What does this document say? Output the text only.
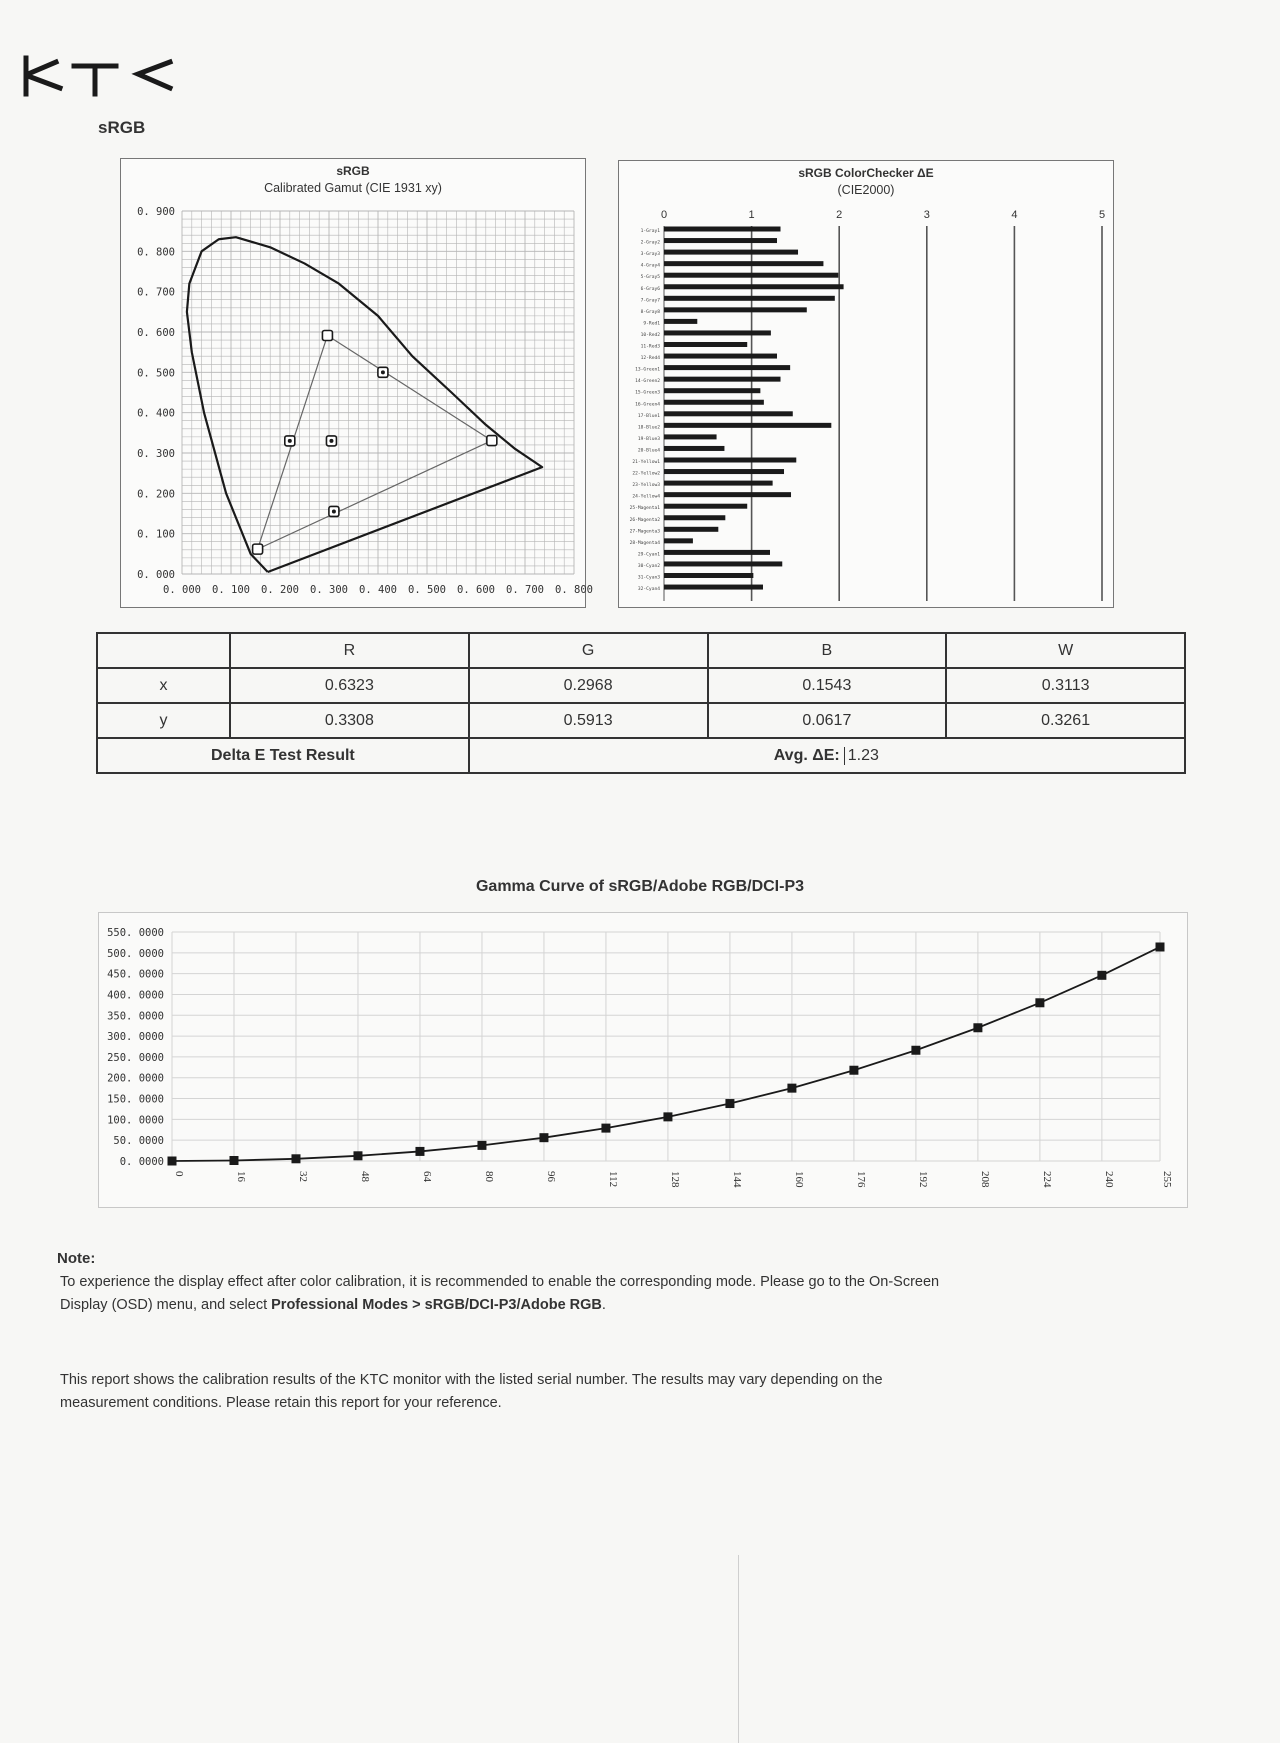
sRGB
sRGB
Calibrated Gamut (CIE 1931 xy)
0. 900
0. 800
0. 700
0. 600
0. 500
0. 400
0. 300
0. 200
0. 100
0. 000
0. 000 0. 100 0. 200 0. 300 0. 400 0. 500 0. 600 0. 700 0. 800
sRGB ColorChecker ΔE
(CIE2000)
0	1	2	3	4	5
1-Gray1
2-Gray2
3-Gray3
4-Gray4
5-Gray5
6-Gray6
7-Gray7
8-Gray8
9-Red1
10-Red2
11-Red3
12-Red4
13-Green1
14-Green2
15-Green3
16-Green4
17-Blue1
18-Blue2
19-Blue3
20-Blue4
21-Yellow1
22-Yellow2
23-Yellow3
24-Yellow4
25-Magenta1
26-Magenta2
27-Magenta3
28-Magenta4
29-Cyan1
30-Cyan2
31-Cyan3
32-Cyan4
	R	G	B	W
x	0.6323	0.2968	0.1543	0.3113
y	0.3308	0.5913	0.0617	0.3261
Delta E Test Result		Avg. ΔE: 1.23		
Gamma Curve of sRGB/Adobe RGB/DCI-P3
550. 0000
500. 0000
450. 0000
400. 0000
350. 0000
300. 0000
250. 0000
200. 0000
150. 0000
100. 0000
50. 0000
0. 0000
0	16	32	48	64	80	96	112	128	144	160	176	192	208	224	240	255
Note:
To experience the display effect after color calibration, it is recommended to enable the corresponding mode. Please go to the On-Screen Display (OSD) menu, and select Professional Modes > sRGB/DCI-P3/Adobe RGB.
This report shows the calibration results of the KTC monitor with the listed serial number. The results may vary depending on the measurement conditions. Please retain this report for your reference.
